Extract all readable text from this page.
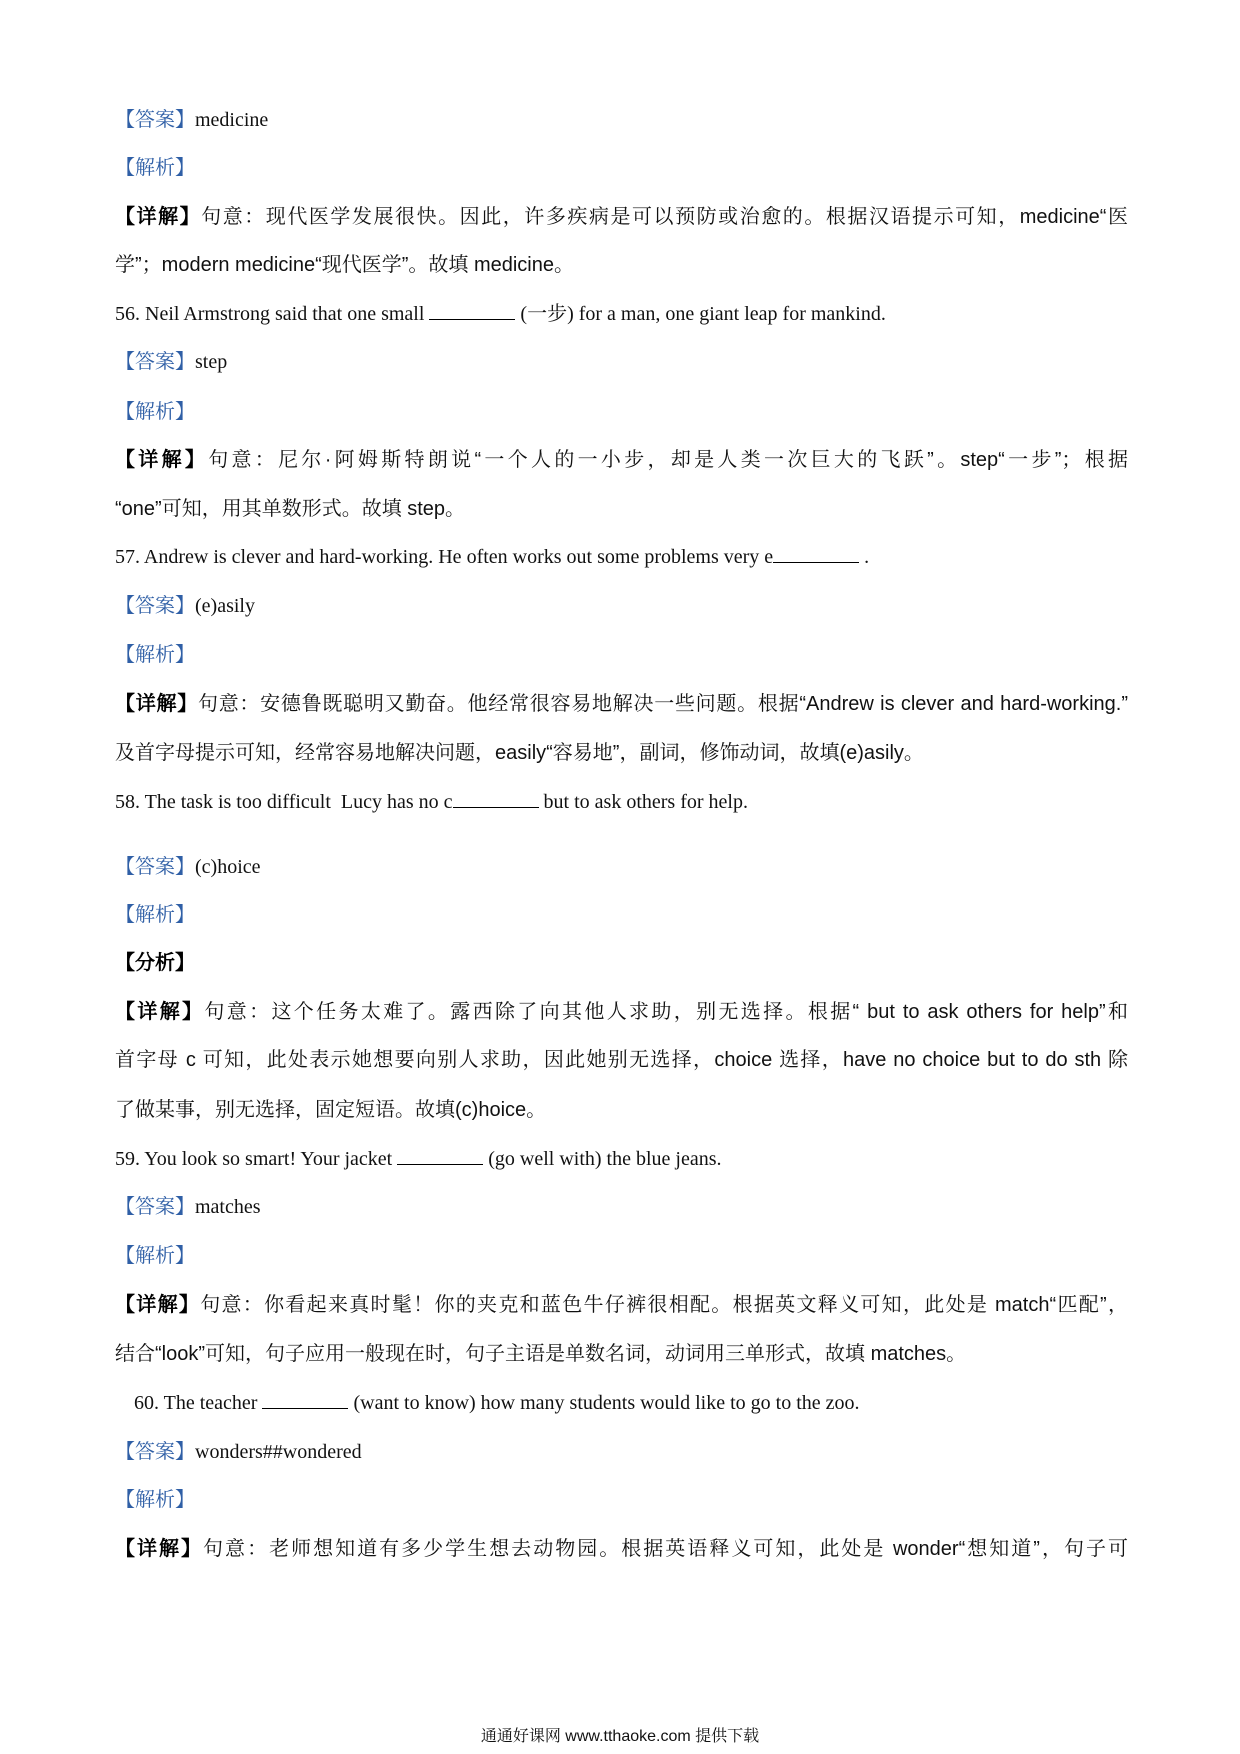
【答案】medicine
【解析】
【详解】句意：现代医学发展很快。因此，许多疾病是可以预防或治愈的。根据汉语提示可知，medicine“医
学”；modern medicine“现代医学”。故填 medicine。
56. Neil Armstrong said that one small	(一步) for a man, one giant leap for mankind.
【答案】step
【解析】
【详解】句意：尼尔·阿姆斯特朗说“一个人的一小步，却是人类一次巨大的飞跃”。step“一步”；根据
“one”可知，用其单数形式。故填 step。
57. Andrew is clever and hard-working. He often works out some problems very e	.
【答案】(e)asily
【解析】
【详解】句意：安德鲁既聪明又勤奋。他经常很容易地解决一些问题。根据“Andrew is clever and hard-working.”
及首字母提示可知，经常容易地解决问题，easily“容易地”，副词，修饰动词，故填(e)asily。
58. The task is too difficult  Lucy has no c	but to ask others for help.
【答案】(c)hoice
【解析】
【分析】
【详解】句意：这个任务太难了。露西除了向其他人求助，别无选择。根据“ but to ask others for help”和
首字母 c 可知，此处表示她想要向别人求助，因此她别无选择，choice 选择，have no choice but to do sth 除
了做某事，别无选择，固定短语。故填(c)hoice。
59. You look so smart! Your jacket	(go well with) the blue jeans.
【答案】matches
【解析】
【详解】句意：你看起来真时髦！你的夹克和蓝色牛仔裤很相配。根据英文释义可知，此处是 match“匹配”，
结合“look”可知，句子应用一般现在时，句子主语是单数名词，动词用三单形式，故填 matches。
60. The teacher	(want to know) how many students would like to go to the zoo.
【答案】wonders##wondered
【解析】
【详解】句意：老师想知道有多少学生想去动物园。根据英语释义可知，此处是 wonder“想知道”，句子可
通通好课网 www.tthaoke.com 提供下载
